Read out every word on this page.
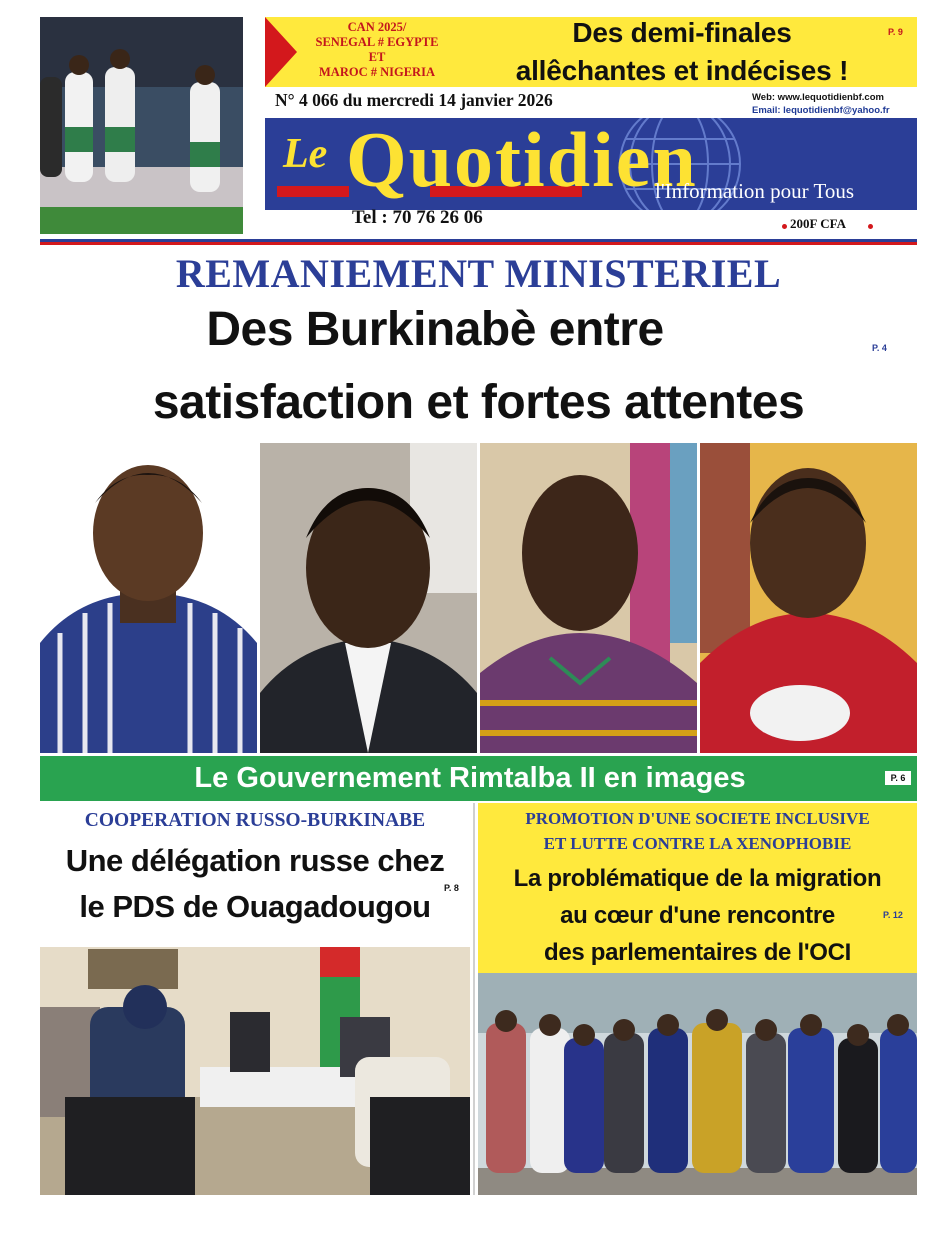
CAN 2025/
SENEGAL # EGYPTE
ET
MAROC # NIGERIA
Des demi-finales
allêchantes et indécises !
P. 9
N° 4 066 du mercredi 14 janvier 2026	Web: www.lequotidienbf.com
Email: lequotidienbf@yahoo.fr
Le Quotidien
l'Information pour Tous
Tel : 70 76 26 06	200F CFA
REMANIEMENT MINISTERIEL
Des Burkinabè entre	P. 4
satisfaction et fortes attentes
Le Gouvernement Rimtalba II en images	P. 6
COOPERATION RUSSO-BURKINABE
Une délégation russe chez
le PDS de Ouagadougou
P. 8
PROMOTION D'UNE SOCIETE INCLUSIVE
ET LUTTE CONTRE LA XENOPHOBIE
La problématique de la migration
au cœur d'une rencontre
des parlementaires de l'OCI
P. 12
